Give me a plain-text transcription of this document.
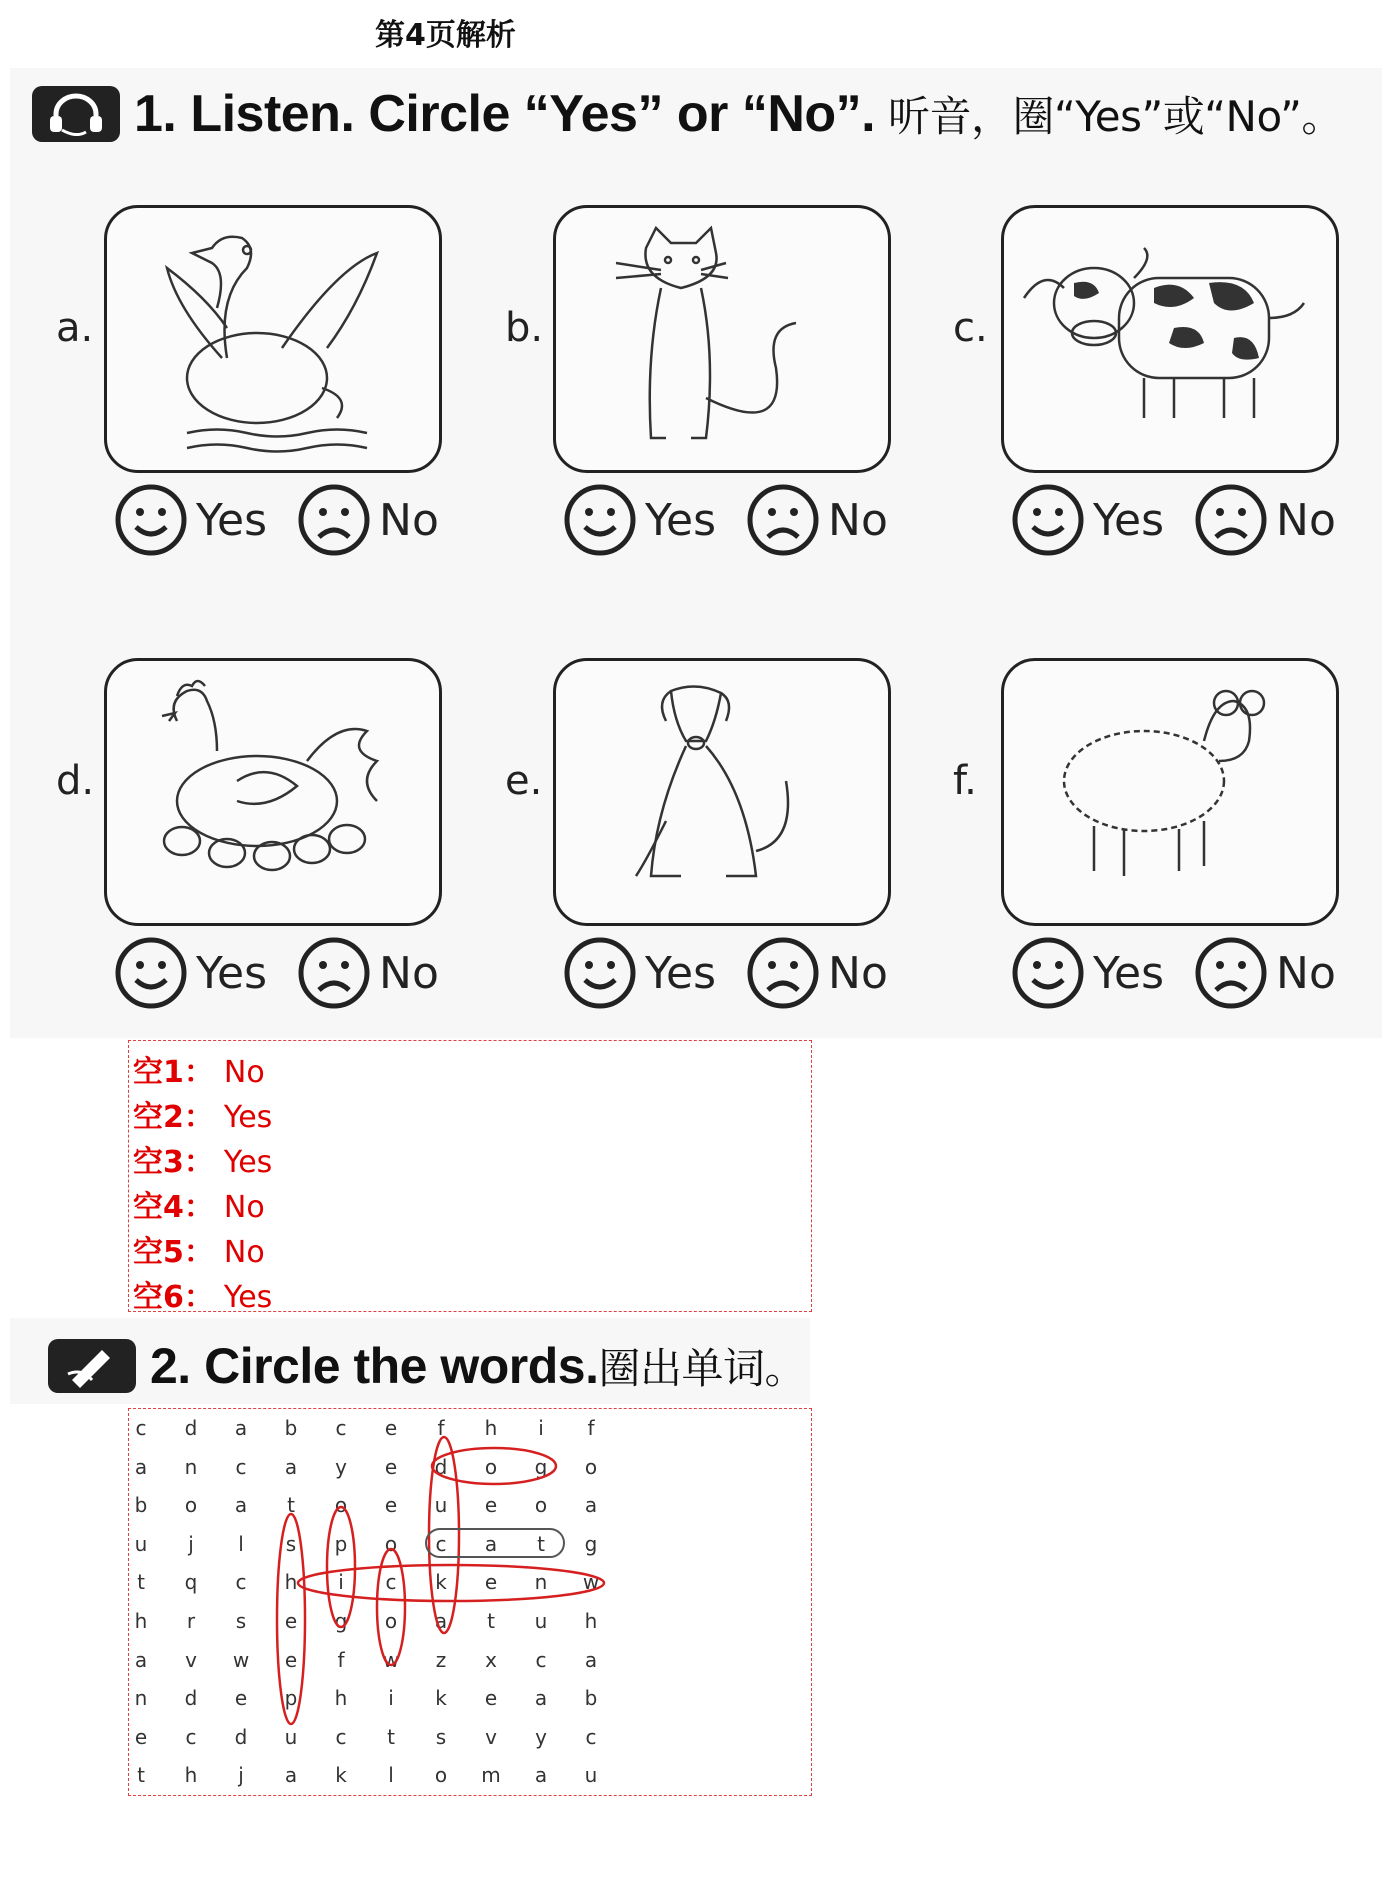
第4页解析
1. Listen. Circle “Yes” or “No”. 听音，圈“Yes”或“No”。
a.
Yes	No
b.
Yes	No
c.
Yes	No
d.
Yes	No
e.
Yes	No
f.
Yes	No
空1： No
空2： Yes
空3： Yes
空4： No
空5： No
空6： Yes
2. Circle the words.圈出单词。
c	d	a	b	c	e	f	h	i	f
a	n	c	a	y	e	d	o	g	o
b	o	a	t	o	e	u	e	o	a
u	j	l	s	p	o	c	a	t	g
t	q	c	h	i	c	k	e	n	w
h	r	s	e	g	o	a	t	u	h
a	v	w	e	f	w	z	x	c	a
n	d	e	p	h	i	k	e	a	b
e	c	d	u	c	t	s	v	y	c
t	h	j	a	k	l	o	m	a	u
